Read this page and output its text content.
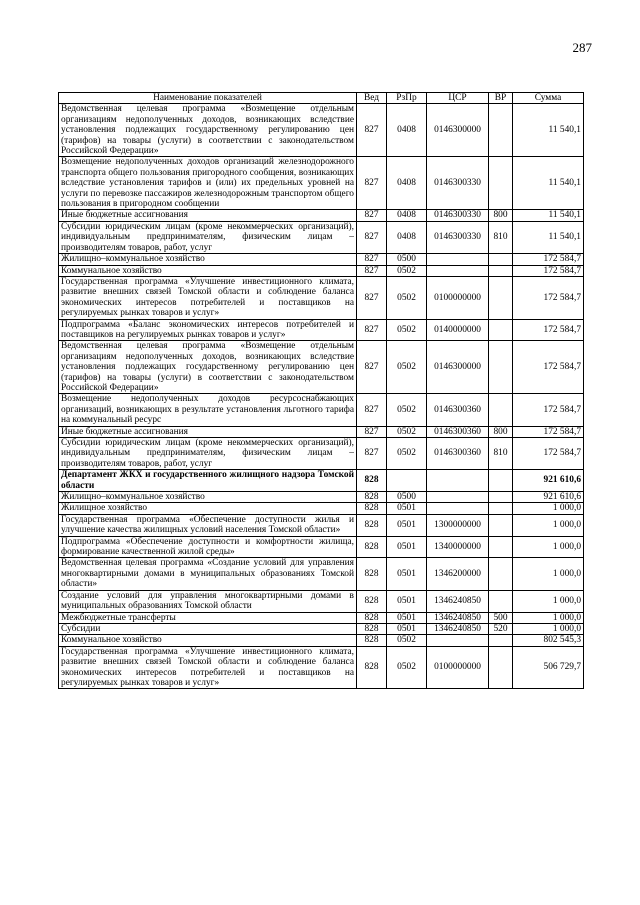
287
Наименование показателей	Вед	РзПр	ЦСР	ВР	Сумма
Ведомственная целевая программа «Возмещение отдельным организациям недополученных доходов, возникающих вследствие установления подлежащих государственному регулированию цен (тарифов) на товары (услуги) в соответствии с законодательством Российской Федерации»	827	0408	0146300000		11 540,1
Возмещение недополученных доходов организаций железнодорожного транспорта общего пользования пригородного сообщения, возникающих вследствие установления тарифов и (или) их предельных уровней на услуги по перевозке пассажиров железнодорожным транспортом общего пользования в пригородном сообщении	827	0408	0146300330		11 540,1
Иные бюджетные ассигнования	827	0408	0146300330	800	11 540,1
Субсидии юридическим лицам (кроме некоммерческих организаций), индивидуальным предпринимателям, физическим лицам – производителям товаров, работ, услуг	827	0408	0146300330	810	11 540,1
Жилищно–коммунальное хозяйство	827	0500			172 584,7
Коммунальное хозяйство	827	0502			172 584,7
Государственная программа «Улучшение инвестиционного климата, развитие внешних связей Томской области и соблюдение баланса экономических интересов потребителей и поставщиков на регулируемых рынках товаров и услуг»	827	0502	0100000000		172 584,7
Подпрограмма «Баланс экономических интересов потребителей и поставщиков на регулируемых рынках товаров и услуг»	827	0502	0140000000		172 584,7
Ведомственная целевая программа «Возмещение отдельным организациям недополученных доходов, возникающих вследствие установления подлежащих государственному регулированию цен (тарифов) на товары (услуги) в соответствии с законодательством Российской Федерации»	827	0502	0146300000		172 584,7
Возмещение недополученных доходов ресурсоснабжающих организаций, возникающих в результате установления льготного тарифа на коммунальный ресурс	827	0502	0146300360		172 584,7
Иные бюджетные ассигнования	827	0502	0146300360	800	172 584,7
Субсидии юридическим лицам (кроме некоммерческих организаций), индивидуальным предпринимателям, физическим лицам – производителям товаров, работ, услуг	827	0502	0146300360	810	172 584,7
Департамент ЖКХ и государственного жилищного надзора Томской области	828				921 610,6
Жилищно–коммунальное хозяйство	828	0500			921 610,6
Жилищное хозяйство	828	0501			1 000,0
Государственная программа «Обеспечение доступности жилья и улучшение качества жилищных условий населения Томской области»	828	0501	1300000000		1 000,0
Подпрограмма «Обеспечение доступности и комфортности жилища, формирование качественной жилой среды»	828	0501	1340000000		1 000,0
Ведомственная целевая программа «Создание условий для управления многоквартирными домами в муниципальных образованиях Томской области»	828	0501	1346200000		1 000,0
Создание условий для управления многоквартирными домами в муниципальных образованиях Томской области	828	0501	1346240850		1 000,0
Межбюджетные трансферты	828	0501	1346240850	500	1 000,0
Субсидии	828	0501	1346240850	520	1 000,0
Коммунальное хозяйство	828	0502			802 545,3
Государственная программа «Улучшение инвестиционного климата, развитие внешних связей Томской области и соблюдение баланса экономических интересов потребителей и поставщиков на регулируемых рынках товаров и услуг»	828	0502	0100000000		506 729,7
